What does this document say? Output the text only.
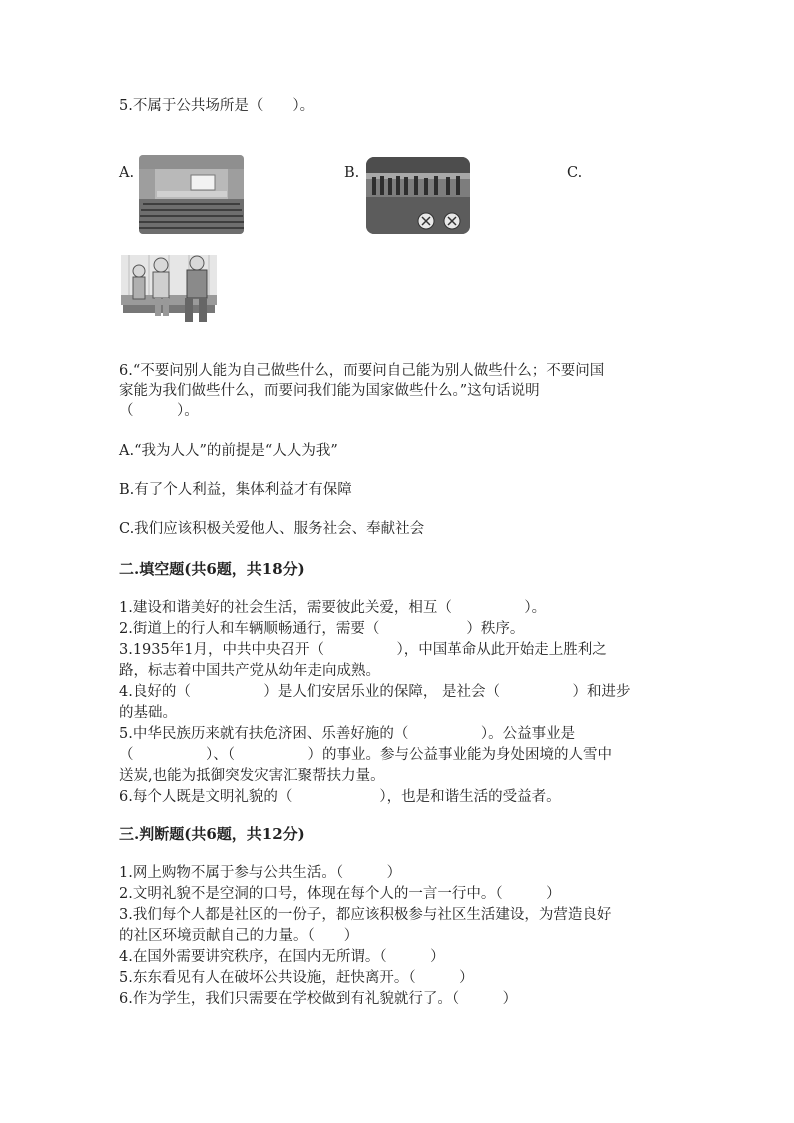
5.不属于公共场所是（　　）。
A.	B.	C.
6.“不要问别人能为自己做些什么，而要问自己能为别人做些什么；不要问国
家能为我们做些什么，而要问我们能为国家做些什么。”这句话说明
（　　　）。
A.“我为人人”的前提是“人人为我”
B.有了个人利益，集体利益才有保障
C.我们应该积极关爱他人、服务社会、奉献社会
二.填空题(共6题，共18分)
1.建设和谐美好的社会生活，需要彼此关爱，相互（　　　　　）。
2.街道上的行人和车辆顺畅通行，需要（　　　　　　）秩序。
3.1935年1月，中共中央召开（　　　　　），中国革命从此开始走上胜利之
路，标志着中国共产党从幼年走向成熟。
4.良好的（　　　　　）是人们安居乐业的保障， 是社会（　　　　　）和进步
的基础。
5.中华民族历来就有扶危济困、乐善好施的（　　　　　）。公益事业是
（　　　　　）、（　　　　　）的事业。参与公益事业能为身处困境的人雪中
送炭,也能为抵御突发灾害汇聚帮扶力量。
6.每个人既是文明礼貌的（　　　　　　），也是和谐生活的受益者。
三.判断题(共6题，共12分)
1.网上购物不属于参与公共生活。（　　　）
2.文明礼貌不是空洞的口号，体现在每个人的一言一行中。（　　　）
3.我们每个人都是社区的一份子，都应该积极参与社区生活建设，为营造良好
的社区环境贡献自己的力量。（　　）
4.在国外需要讲究秩序，在国内无所谓。（　　　）
5.东东看见有人在破坏公共设施，赶快离开。（　　　）
6.作为学生，我们只需要在学校做到有礼貌就行了。（　　　）
